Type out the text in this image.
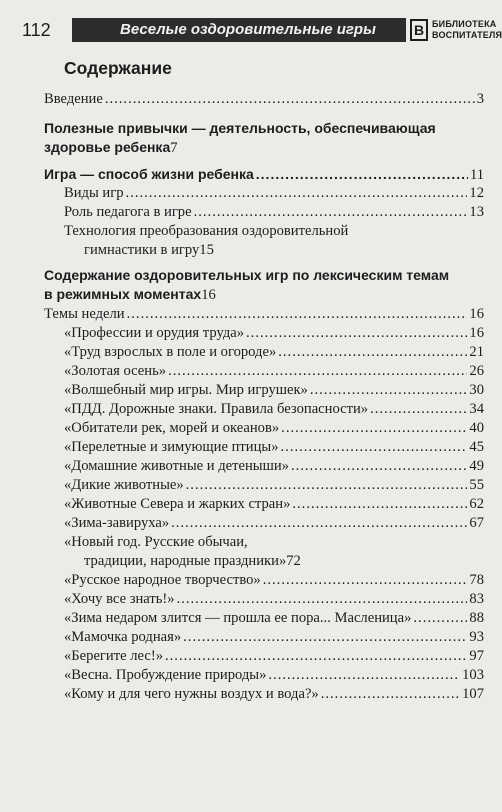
112	Веселые оздоровительные игры	В БИБЛИОТЕКА
ВОСПИТАТЕЛЯ
Содержание
Введение .....	3
Полезные привычки — деятельность, обеспечивающая
здоровье ребенка 7
Игра — способ жизни ребенка .....	11
Виды игр .....	12
Роль педагога в игре .....	13
Технология преобразования оздоровительной
гимнастики в игру 15
Содержание оздоровительных игр по лексическим темам
в режимных моментах 16
Темы недели .....	16
«Профессии и орудия труда» .....	16
«Труд взрослых в поле и огороде» .....	21
«Золотая осень» .....	26
«Волшебный мир игры. Мир игрушек» .....	30
«ПДД. Дорожные знаки. Правила безопасности» .....	34
«Обитатели рек, морей и океанов» .....	40
«Перелетные и зимующие птицы» .....	45
«Домашние животные и детеныши» .....	49
«Дикие животные» .....	55
«Животные Севера и жарких стран» .....	62
«Зима-завируха» .....	67
«Новый год. Русские обычаи,
традиции, народные праздники» 72
«Русское народное творчество» .....	78
«Хочу все знать!» .....	83
«Зима недаром злится — прошла ее пора... Масленица» .....	88
«Мамочка родная» .....	93
«Берегите лес!» .....	97
«Весна. Пробуждение природы» .....	103
«Кому и для чего нужны воздух и вода?» .....	107
